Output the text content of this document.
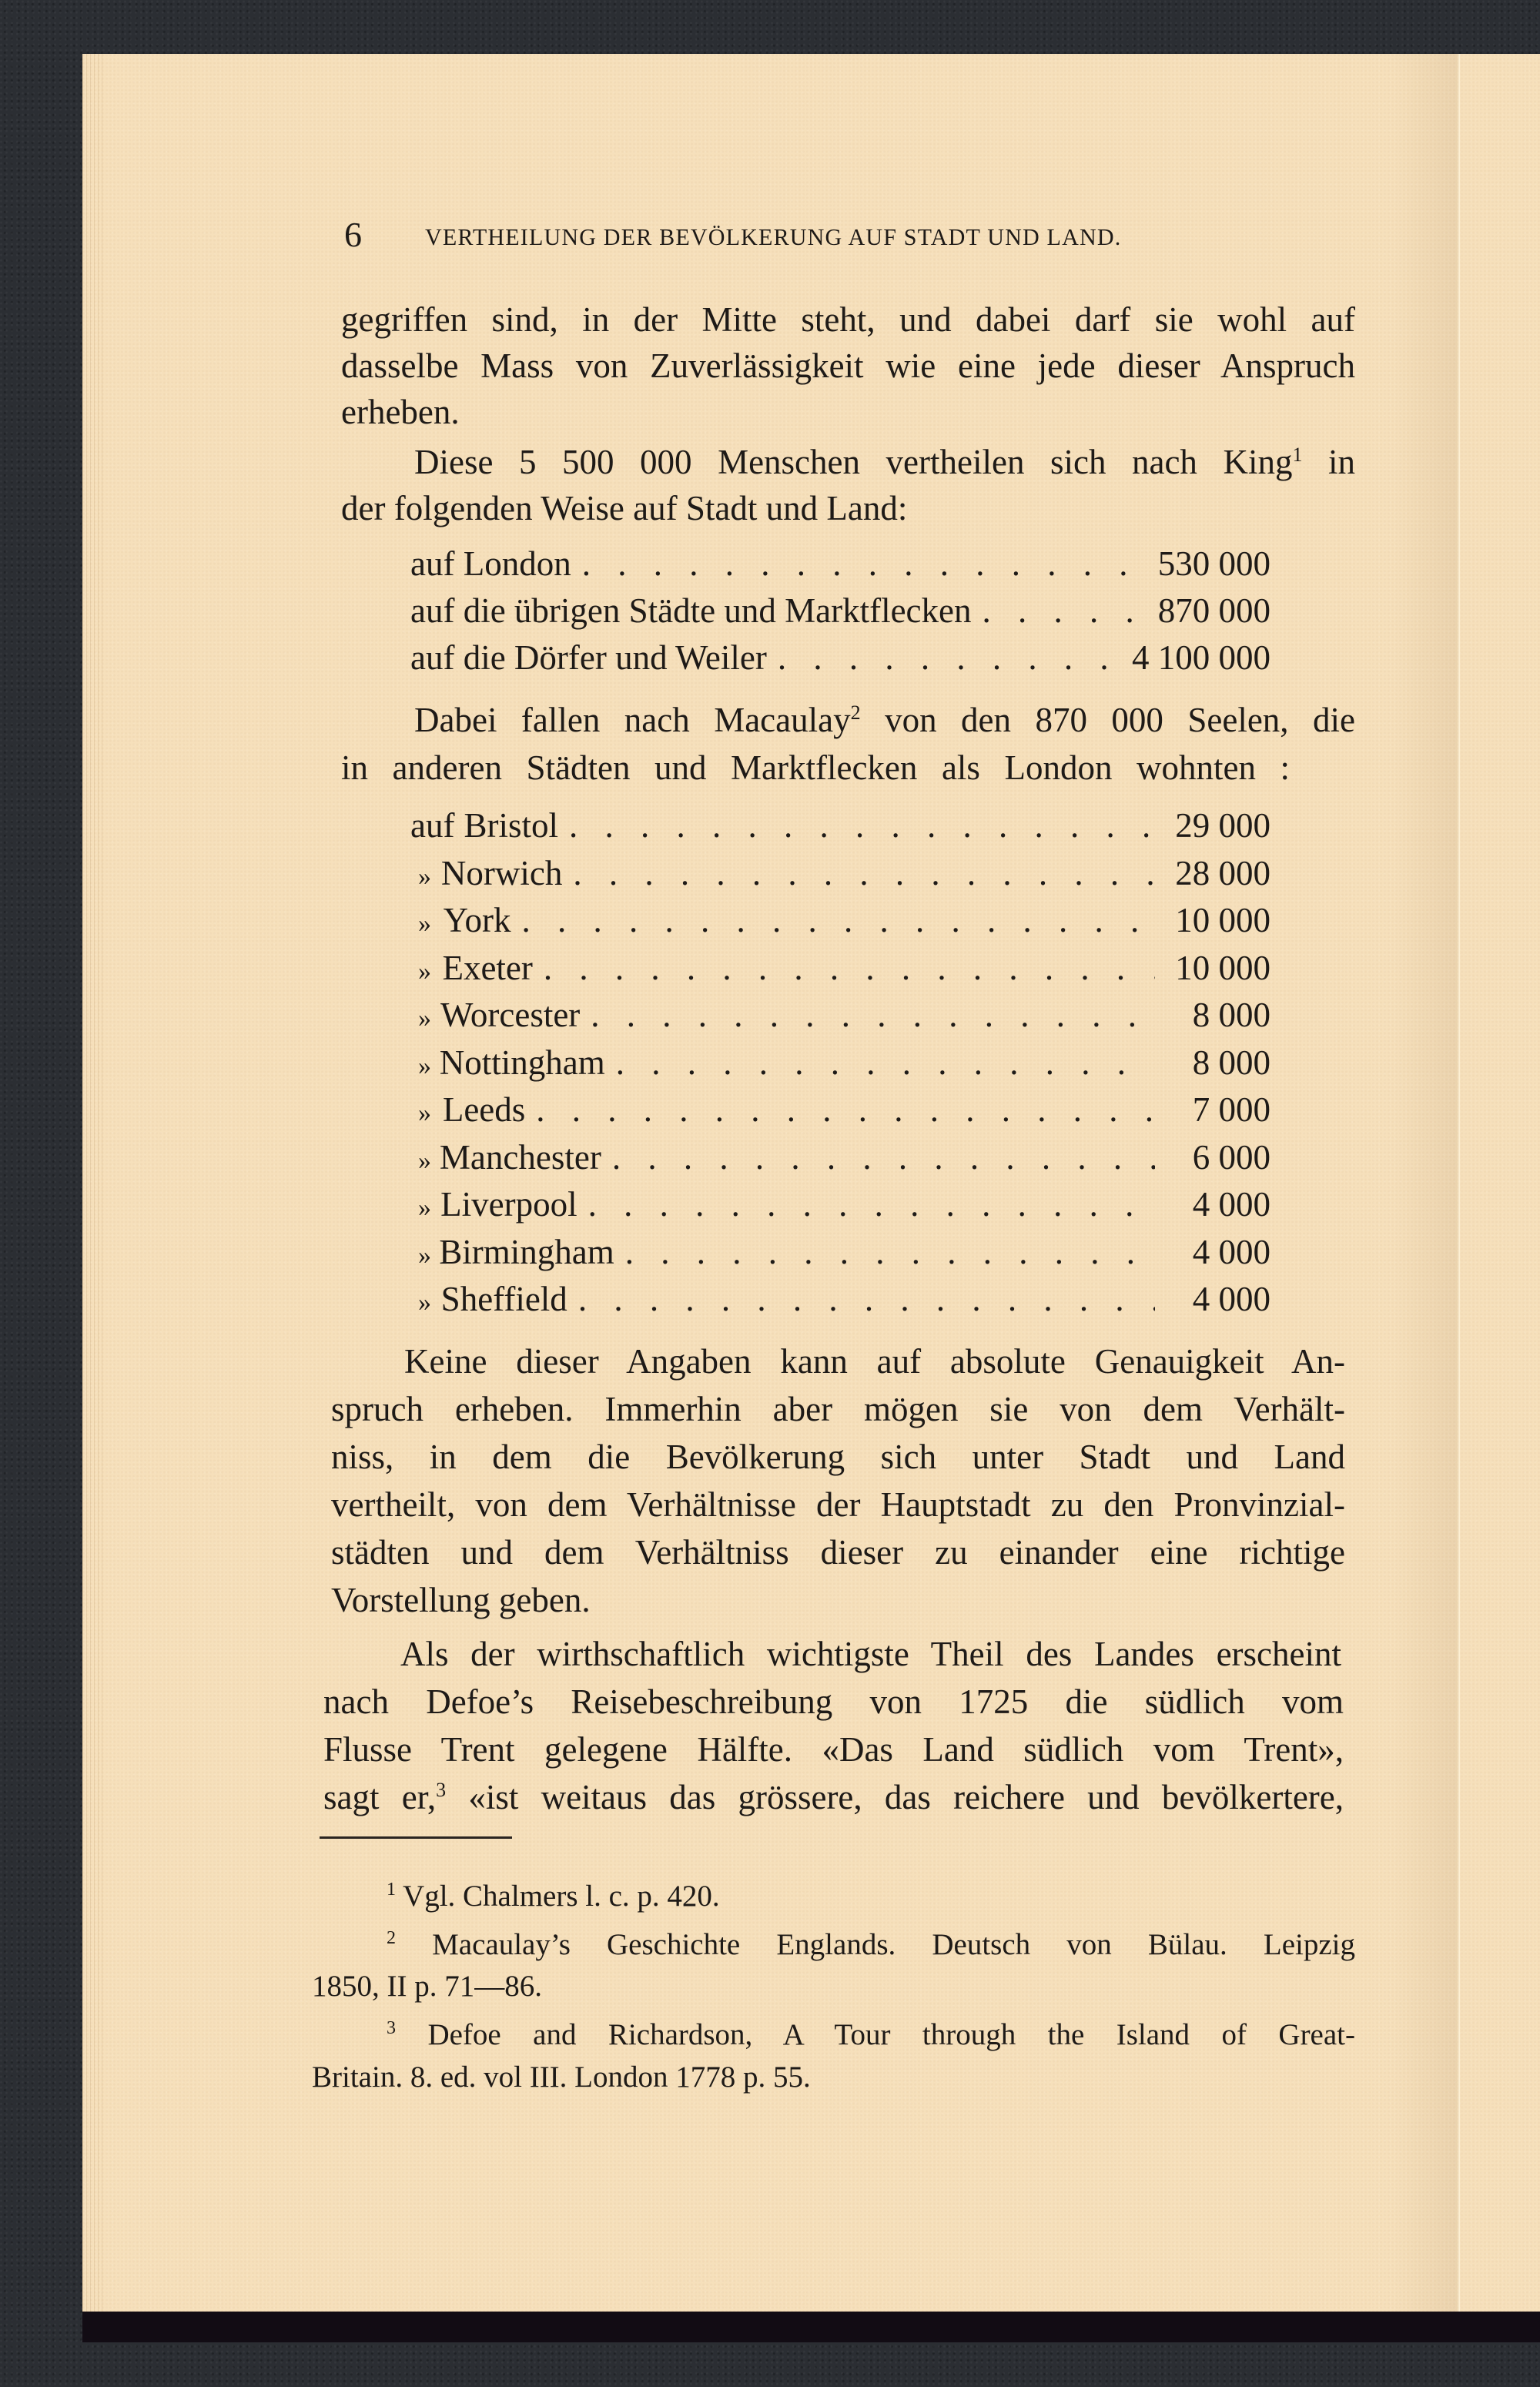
6	VERTHEILUNG DER BEVÖLKERUNG AUF STADT UND LAND.
gegriffen sind, in der Mitte steht, und dabei darf sie wohl auf
dasselbe Mass von Zuverlässigkeit wie eine jede dieser Anspruch
erheben.
Diese 5 500 000 Menschen vertheilen sich nach King$^1$ in
der folgenden Weise auf Stadt und Land:
auf London . . .	530 000
auf die übrigen Städte und Marktflecken . . .	870 000
auf die Dörfer und Weiler . . .	4 100 000
Dabei fallen nach Macaulay$^2$ von den 870 000 Seelen, die
in anderen Städten und Marktflecken als London wohnten :
auf Bristol . . .	29 000
» Norwich . . .	28 000
» York . . .	10 000
» Exeter . . .	10 000
» Worcester . . .	8 000
» Nottingham . . .	8 000
» Leeds . . .	7 000
» Manchester . . .	6 000
» Liverpool . . .	4 000
» Birmingham . . .	4 000
» Sheffield . . .	4 000
Keine dieser Angaben kann auf absolute Genauigkeit An-
spruch erheben. Immerhin aber mögen sie von dem Verhält-
niss, in dem die Bevölkerung sich unter Stadt und Land
vertheilt, von dem Verhältnisse der Hauptstadt zu den Pronvinzial-
städten und dem Verhältniss dieser zu einander eine richtige
Vorstellung geben.
Als der wirthschaftlich wichtigste Theil des Landes erscheint
nach Defoe’s Reisebeschreibung von 1725 die südlich vom
Flusse Trent gelegene Hälfte. «Das Land südlich vom Trent»,
sagt er,$^3$ «ist weitaus das grössere, das reichere und bevölkertere,
$^1$ Vgl. Chalmers l. c. p. 420.
$^2$ Macaulay’s Geschichte Englands. Deutsch von Bülau. Leipzig
1850, II p. 71—86.
$^3$ Defoe and Richardson, A Tour through the Island of Great-
Britain. 8. ed. vol III. London 1778 p. 55.
